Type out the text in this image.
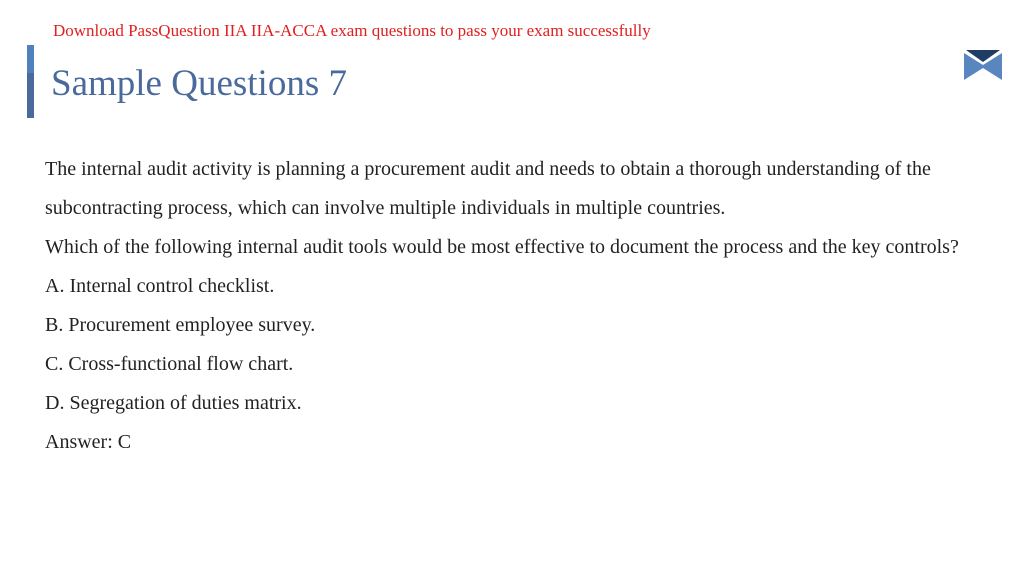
Download PassQuestion IIA IIA-ACCA exam questions to pass your exam successfully
Sample Questions 7

The internal audit activity is planning a procurement audit and needs to obtain a thorough understanding of the subcontracting process, which can involve multiple individuals in multiple countries.

Which of the following internal audit tools would be most effective to document the process and the key controls?

A. Internal control checklist.

B. Procurement employee survey.

C. Cross-functional flow chart.

D. Segregation of duties matrix.

Answer: C
